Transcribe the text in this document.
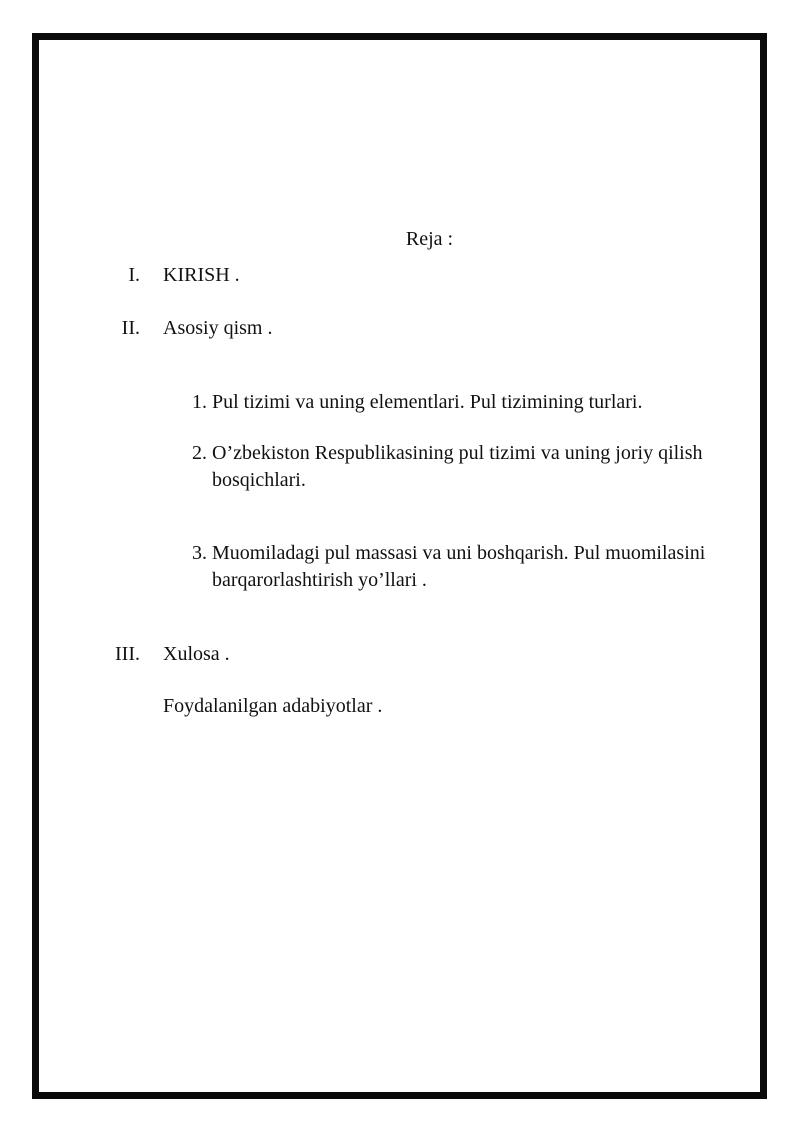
Reja :
I. KIRISH .
II. Asosiy qism .
1. Pul tizimi va uning elementlari. Pul tizimining turlari.
2. O’zbekiston Respublikasining pul tizimi va uning joriy qilish
bosqichlari.
3. Muomiladagi pul massasi va uni boshqarish. Pul muomilasini
barqarorlashtirish yo’llari .
III. Xulosa .
Foydalanilgan adabiyotlar .
